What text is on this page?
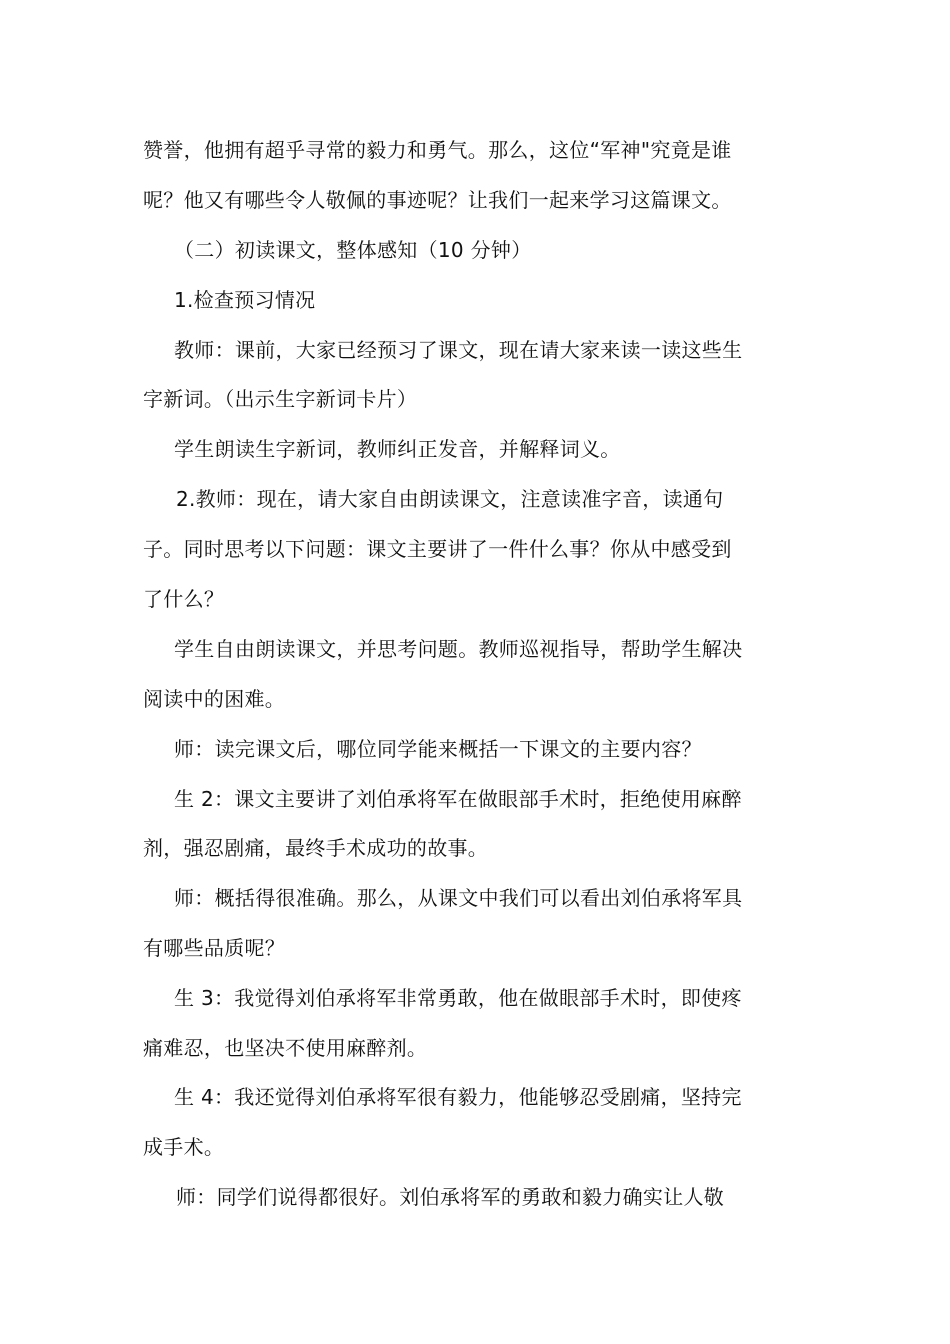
赞誉，他拥有超乎寻常的毅力和勇气。那么，这位“军神"究竟是谁
呢？他又有哪些令人敬佩的事迹呢？让我们一起来学习这篇课文。
（二）初读课文，整体感知（10 分钟）
1.检查预习情况
教师：课前，大家已经预习了课文，现在请大家来读一读这些生
字新词。（出示生字新词卡片）
学生朗读生字新词，教师纠正发音，并解释词义。
2.教师：现在，请大家自由朗读课文，注意读准字音，读通句
子。同时思考以下问题：课文主要讲了一件什么事？你从中感受到
了什么？
学生自由朗读课文，并思考问题。教师巡视指导，帮助学生解决
阅读中的困难。
师：读完课文后，哪位同学能来概括一下课文的主要内容？
生 2：课文主要讲了刘伯承将军在做眼部手术时，拒绝使用麻醉
剂，强忍剧痛，最终手术成功的故事。
师：概括得很准确。那么，从课文中我们可以看出刘伯承将军具
有哪些品质呢？
生 3：我觉得刘伯承将军非常勇敢，他在做眼部手术时，即使疼
痛难忍，也坚决不使用麻醉剂。
生 4：我还觉得刘伯承将军很有毅力，他能够忍受剧痛，坚持完
成手术。
师：同学们说得都很好。刘伯承将军的勇敢和毅力确实让人敬
